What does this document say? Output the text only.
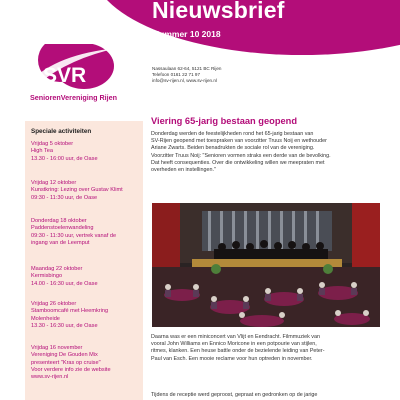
Nieuwsbrief
Nummer 10 2018
SVR
SeniorenVereniging Rijen
Nassaulaan 62-64, 5121 BC Rijen
Telefoon 0161 22 71 97
info@sv-rijen.nl, www.sv-rijen.nl
Speciale activiteiten
Vrijdag 5 oktober
High Tea
13.30 - 16:00 uur, de Oase
Vrijdag 12 oktober
Kunstkring: Lezing over Gustav Klimt
09:30 - 11:30 uur, de Oase
Donderdag 18 oktober
Paddenstoelenwandeling
09:30 - 11:30 uur, vertrek vanaf de
ingang van de Leemput
Maandag 22 oktober
Kermisbingo
14.00 - 16:30 uur, de Oase
Vrijdag 26 oktober
Stamboomcafé met Heemkring
Molenheide
13.30 - 16:30 uur, de Oase
Vrijdag 16 november
Vereniging De Gouden Mix
presenteert "Kras op cruise"
Voor verdere info zie de website
www.sv-rijen.nl
Viering 65-jarig bestaan geopend
Donderdag werden de feestelijkheden rond het 65-jarig bestaan van
SV-Rijen geopend met toespraken van voorzitter Truus Noij en wethouder
Ariane Zwarts. Beiden benadrukten de sociale rol van de vereniging.
Voorzitter Truus Noij: "Senioren vormen straks een derde van de bevolking.
Dat heeft consequenties. Over die ontwikkeling willen we meepraten met
overheden en instellingen."
Daarna was er een miniconcert van Vlijt en Eendracht. Filmmuziek van
vooral John Williams en Ennico Moricone in een potpourie van stijlen,
ritmes, klanken. Een heuse battle onder de bezielende leiding van Peter-
Paul van Esch. Een mooie reclame voor hun optreden in november.
Tijdens de receptie werd geproost, gepraat en gedronken op de jarige
